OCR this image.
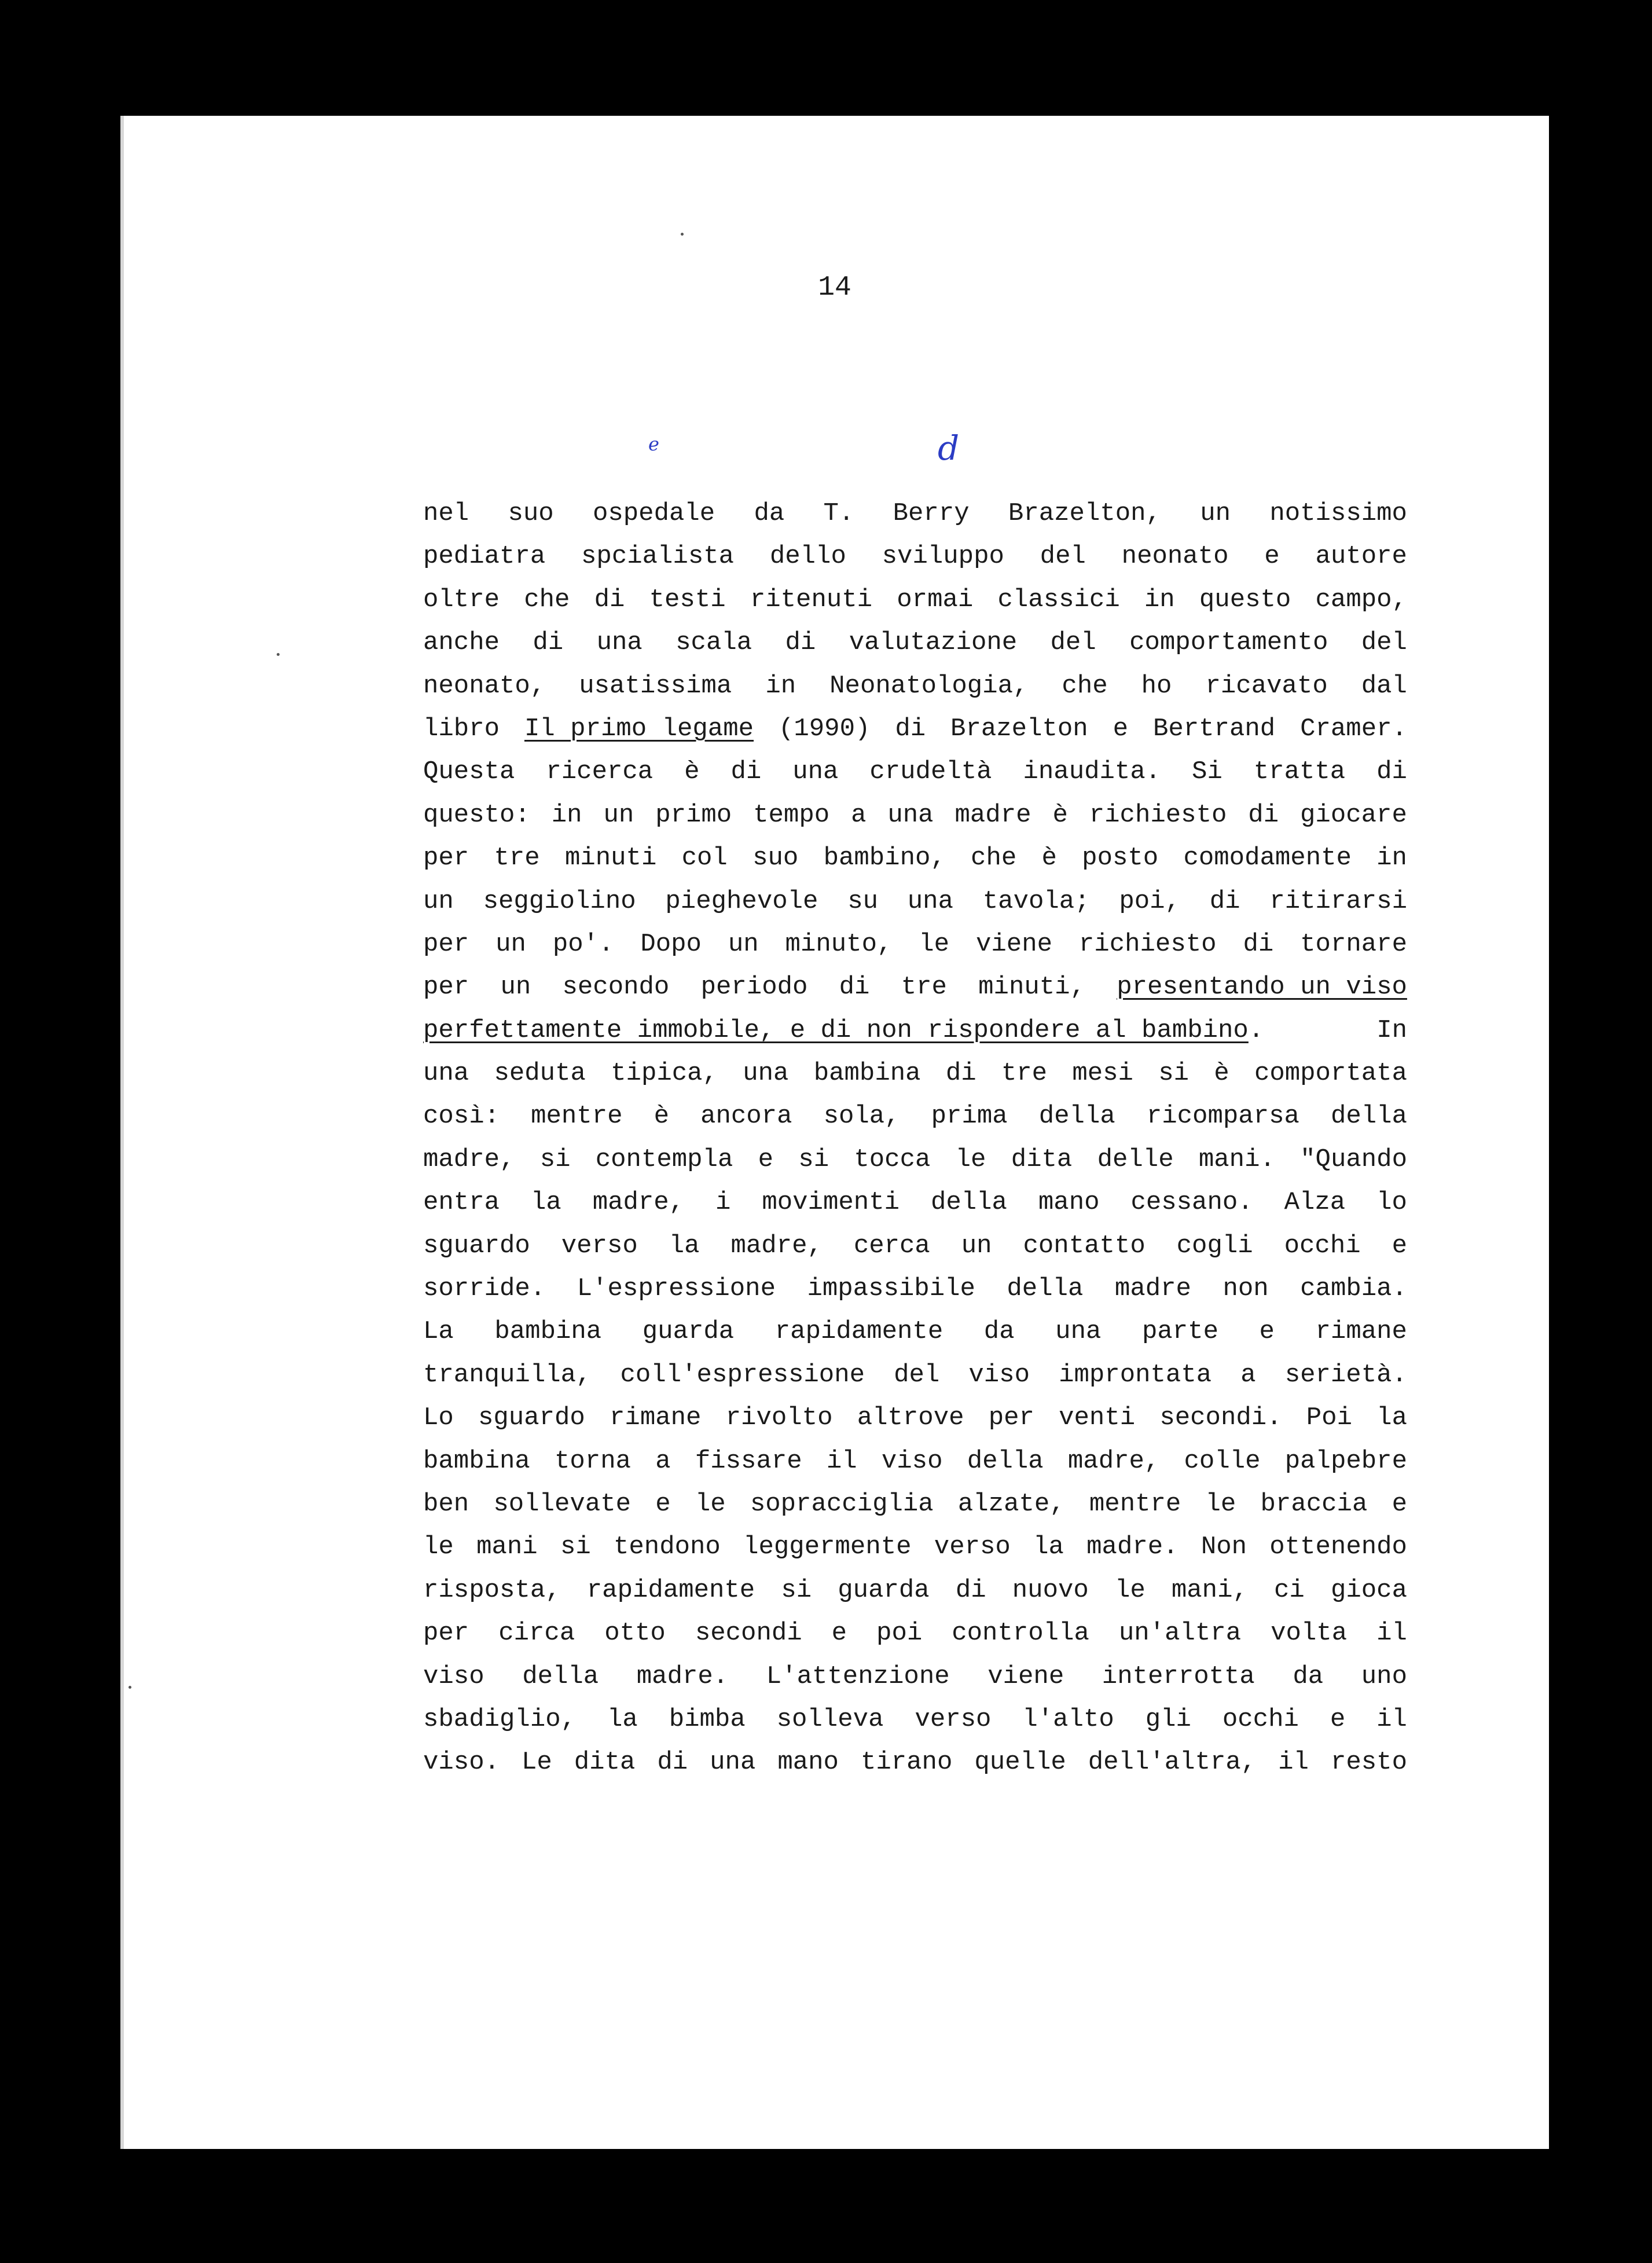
14
nel suo ospedale da T. Berry Brazelton, un notissimo
pediatra spcialista dello sviluppo del neonato e autore
oltre che di testi ritenuti ormai classici in questo campo,
anche di una scala di valutazione del comportamento del
neonato, usatissima in Neonatologia, che ho ricavato dal
libro Il primo legame (1990) di Brazelton e Bertrand Cramer.
Questa ricerca è di una crudeltà inaudita. Si tratta di
questo: in un primo tempo a una madre è richiesto di giocare
per tre minuti col suo bambino, che è posto comodamente in
un seggiolino pieghevole su una tavola; poi, di ritirarsi
per un po'. Dopo un minuto, le viene richiesto di tornare
per un secondo periodo di tre minuti, presentando un viso
perfettamente immobile, e di non rispondere al bambino .	In
una seduta tipica, una bambina di tre mesi si è comportata
così: mentre è ancora sola, prima della ricomparsa della
madre, si contempla e si tocca le dita delle mani. "Quando
entra la madre, i movimenti della mano cessano. Alza lo
sguardo verso la madre, cerca un contatto cogli occhi e
sorride. L'espressione impassibile della madre non cambia.
La bambina guarda rapidamente da una parte e rimane
tranquilla, coll'espressione del viso improntata a serietà.
Lo sguardo rimane rivolto altrove per venti secondi. Poi la
bambina torna a fissare il viso della madre, colle palpebre
ben sollevate e le sopracciglia alzate, mentre le braccia e
le mani si tendono leggermente verso la madre. Non ottenendo
risposta, rapidamente si guarda di nuovo le mani, ci gioca
per circa otto secondi e poi controlla un'altra volta il
viso della madre. L'attenzione viene interrotta da uno
sbadiglio, la bimba solleva verso l'alto gli occhi e il
viso. Le dita di una mano tirano quelle dell'altra, il resto
e	d
